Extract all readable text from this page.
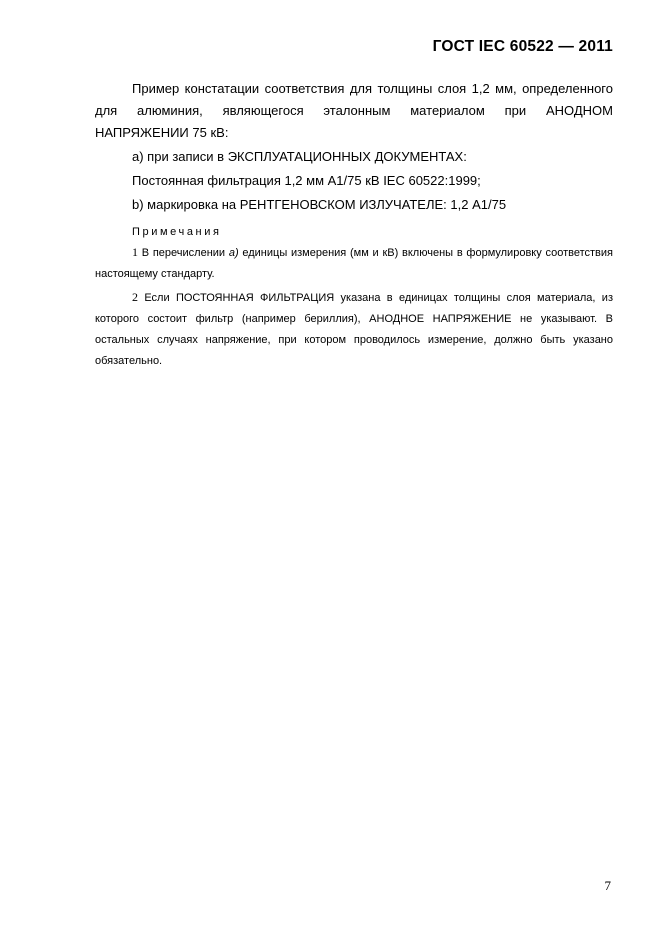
ГОСТ IEC 60522 — 2011

Пример констатации соответствия для толщины слоя 1,2 мм, определенного для алюминия, являющегося эталонным материалом при АНОДНОМ НАПРЯЖЕНИИ 75 кВ:

a) при записи в ЭКСПЛУАТАЦИОННЫХ ДОКУМЕНТАХ:

Постоянная фильтрация 1,2 мм А1/75 кВ IEC 60522:1999;

b) маркировка на РЕНТГЕНОВСКОМ ИЗЛУЧАТЕЛЕ: 1,2 А1/75

Примечания

1 В перечислении a) единицы измерения (мм и кВ) включены в формулировку соответствия настоящему стандарту.

2 Если ПОСТОЯННАЯ ФИЛЬТРАЦИЯ указана в единицах толщины слоя материала, из которого состоит фильтр (например бериллия), АНОДНОЕ НАПРЯЖЕНИЕ не указывают. В остальных случаях напряжение, при котором проводилось измерение, должно быть указано обязательно.

7
